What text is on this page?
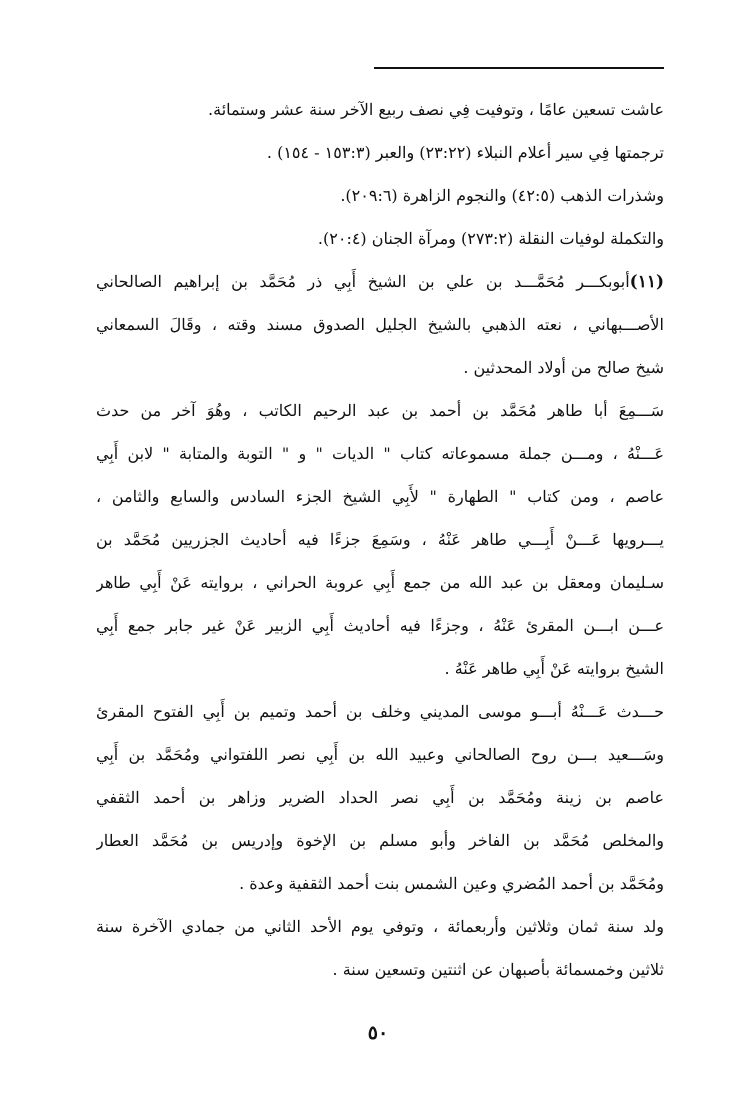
عاشت تسعين عامًا ، وتوفيت فِي نصف ربيع الآخر سنة عشر وستمائة.
ترجمتها فِي سير أعلام النبلاء (٢٣:٢٢) والعبر (١٥٣:٣ - ١٥٤) .
وشذرات الذهب (٤٢:٥) والنجوم الزاهرة (٢٠٩:٦).
والتكملة لوفيات النقلة (٢٧٣:٢) ومرآة الجنان (٢٠:٤).
(١١)أبوبكـــر مُحَمَّـــد بن علي بن الشيخ أَبِي ذر مُحَمَّد بن إبراهيم الصالحاني
الأصـــبهاني ، نعته الذهبي بالشيخ الجليل الصدوق مسند وقته ، وقَالَ السمعاني
شيخ صالح من أولاد المحدثين .
سَـــمِعَ أبا طاهر مُحَمَّد بن أحمد بن عبد الرحيم الكاتب ، وهُوَ آخر من حدث
عَـــنْهُ ، ومـــن جملة مسموعاته كتاب " الديات " و " التوبة والمتابة " لابن أَبِي
عاصم ، ومن كتاب " الطهارة " لأَبِي الشيخ الجزء السادس والسابع والثامن ،
يـــرويها عَـــنْ أَبِـــي طاهر عَنْهُ ، وسَمِعَ جزءًا فيه أحاديث الجزريين مُحَمَّد بن
سـليمان ومعقل بن عبد الله من جمع أَبِي عروبة الحراني ، بروايته عَنْ أَبِي طاهر
عـــن ابـــن المقرئ عَنْهُ ، وجزءًا فيه أحاديث أَبِي الزبير عَنْ غير جابر جمع أَبِي
الشيخ بروايته عَنْ أَبِي طاهر عَنْهُ .
حـــدث عَـــنْهُ أبـــو موسى المديني وخلف بن أحمد وتميم بن أَبِي الفتوح المقرئ
وسَـــعيد بـــن روح الصالحاني وعبيد الله بن أَبِي نصر اللفتواني ومُحَمَّد بن أَبِي
عاصم بن زينة ومُحَمَّد بن أَبِي نصر الحداد الضرير وزاهر بن أحمد الثقفي
والمخلص مُحَمَّد بن الفاخر وأبو مسلم بن الإخوة وإدريس بن مُحَمَّد العطار
ومُحَمَّد بن أحمد المُضري وعين الشمس بنت أحمد الثقفية وعدة .
ولد سنة ثمان وثلاثين وأربعمائة ، وتوفي يوم الأحد الثاني من جمادي الآخرة سنة
ثلاثين وخمسمائة بأصبهان عن اثنتين وتسعين سنة .
٥٠
